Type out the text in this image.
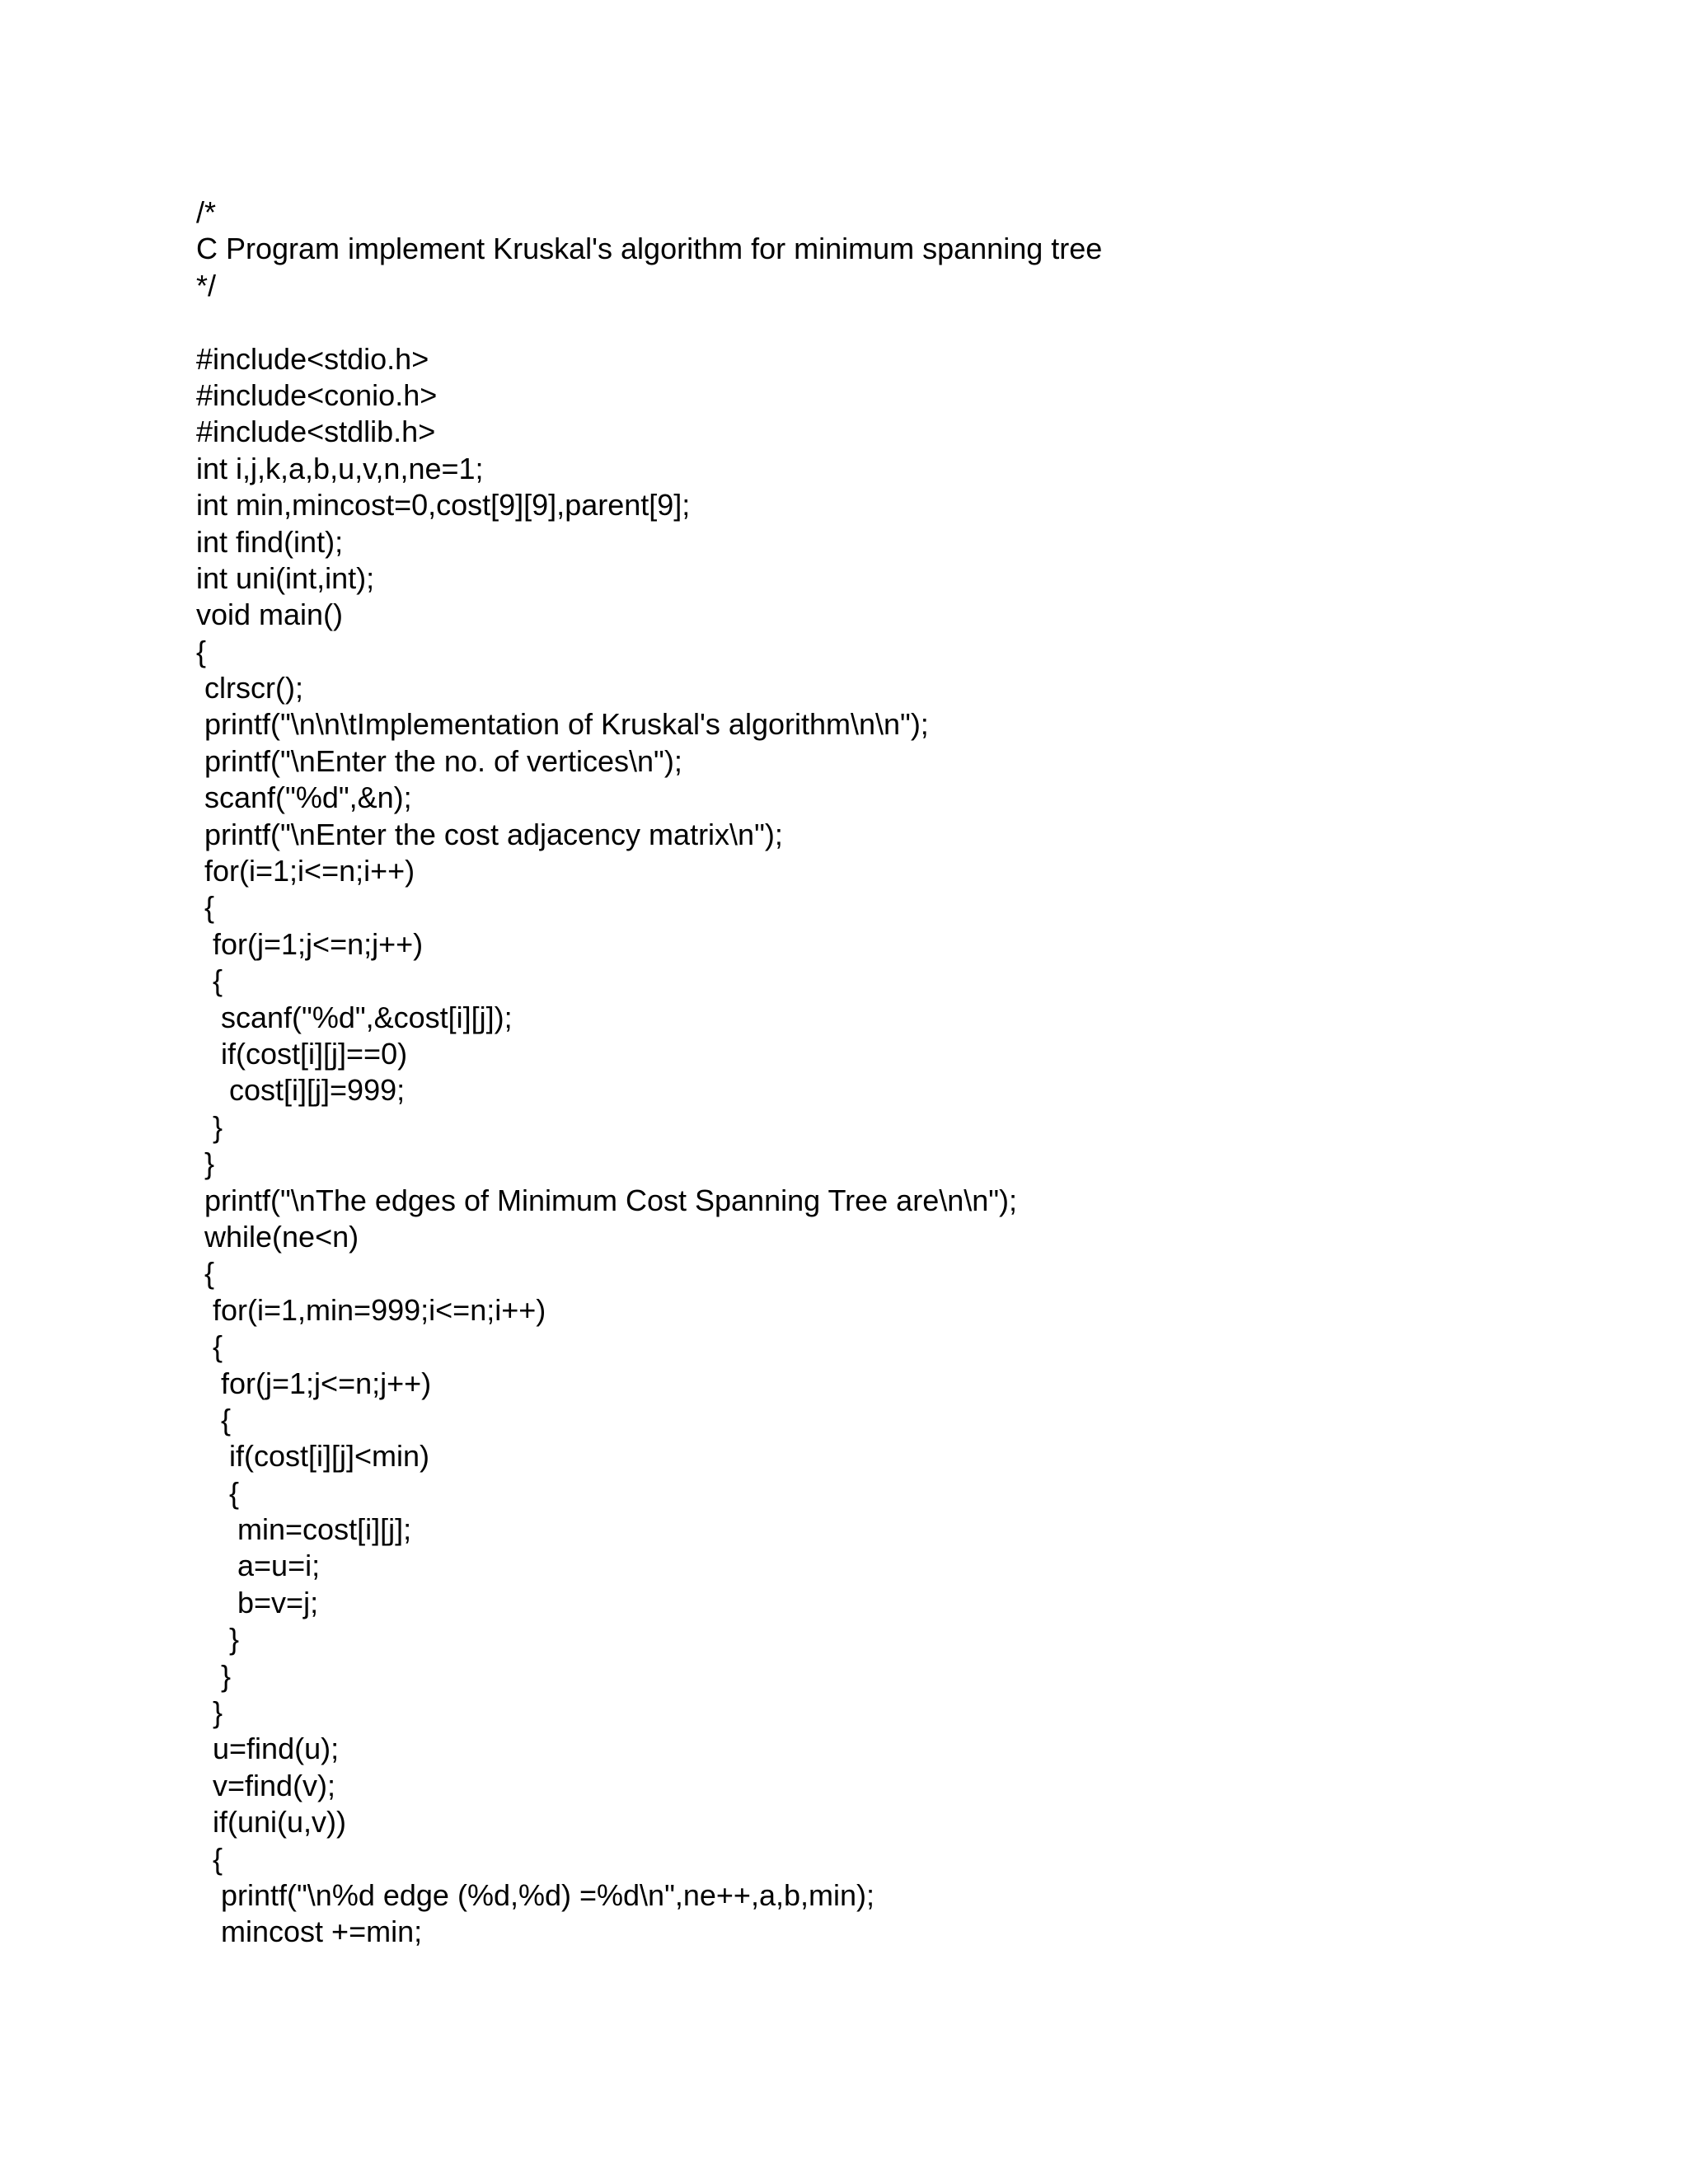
/*
C Program implement Kruskal's algorithm for minimum spanning tree
*/
#include<stdio.h>
#include<conio.h>
#include<stdlib.h>
int i,j,k,a,b,u,v,n,ne=1;
int min,mincost=0,cost[9][9],parent[9];
int find(int);
int uni(int,int);
void main()
{
clrscr();
printf("\n\n\tImplementation of Kruskal's algorithm\n\n");
printf("\nEnter the no. of vertices\n");
scanf("%d",&n);
printf("\nEnter the cost adjacency matrix\n");
for(i=1;i<=n;i++)
{
for(j=1;j<=n;j++)
{
scanf("%d",&cost[i][j]);
if(cost[i][j]==0)
cost[i][j]=999;
}
}
printf("\nThe edges of Minimum Cost Spanning Tree are\n\n");
while(ne<n)
{
for(i=1,min=999;i<=n;i++)
{
for(j=1;j<=n;j++)
{
if(cost[i][j]<min)
{
min=cost[i][j];
a=u=i;
b=v=j;
}
}
}
u=find(u);
v=find(v);
if(uni(u,v))
{
printf("\n%d edge (%d,%d) =%d\n",ne++,a,b,min);
mincost +=min;
